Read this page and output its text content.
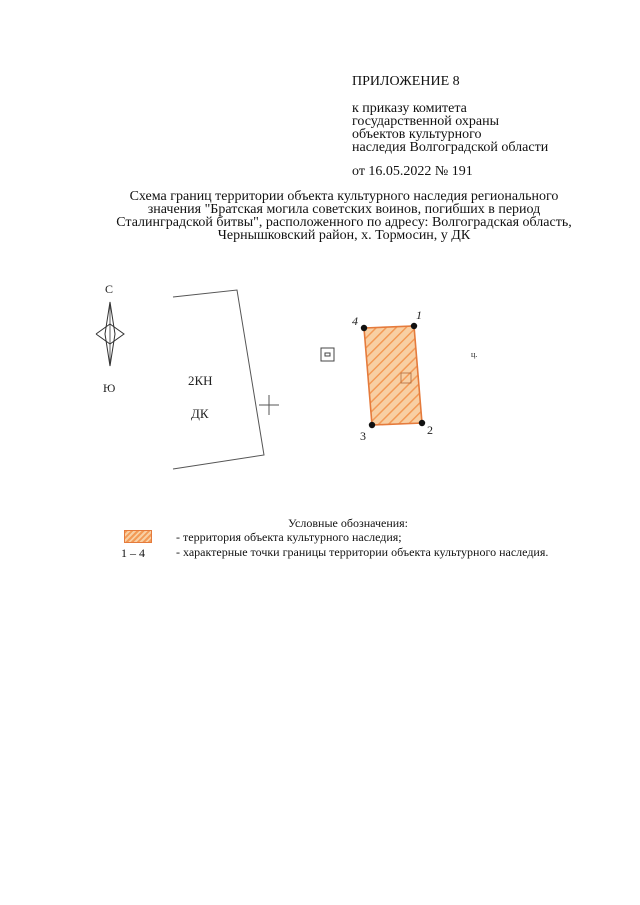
ПРИЛОЖЕНИЕ 8
к приказу комитета
государственной охраны
объектов культурного
наследия Волгоградской области
от 16.05.2022 № 191
Схема границ территории объекта культурного наследия регионального
значения "Братская могила советских воинов, погибших в период
Сталинградской битвы", расположенного по адресу: Волгоградская область,
Чернышковский район, х. Тормосин, у ДК
С
Ю	2КН
ДК
1
2
3
4
ц.
Условные обозначения:
- территория объекта культурного наследия;
1 – 4	- характерные точки границы территории объекта культурного наследия.
